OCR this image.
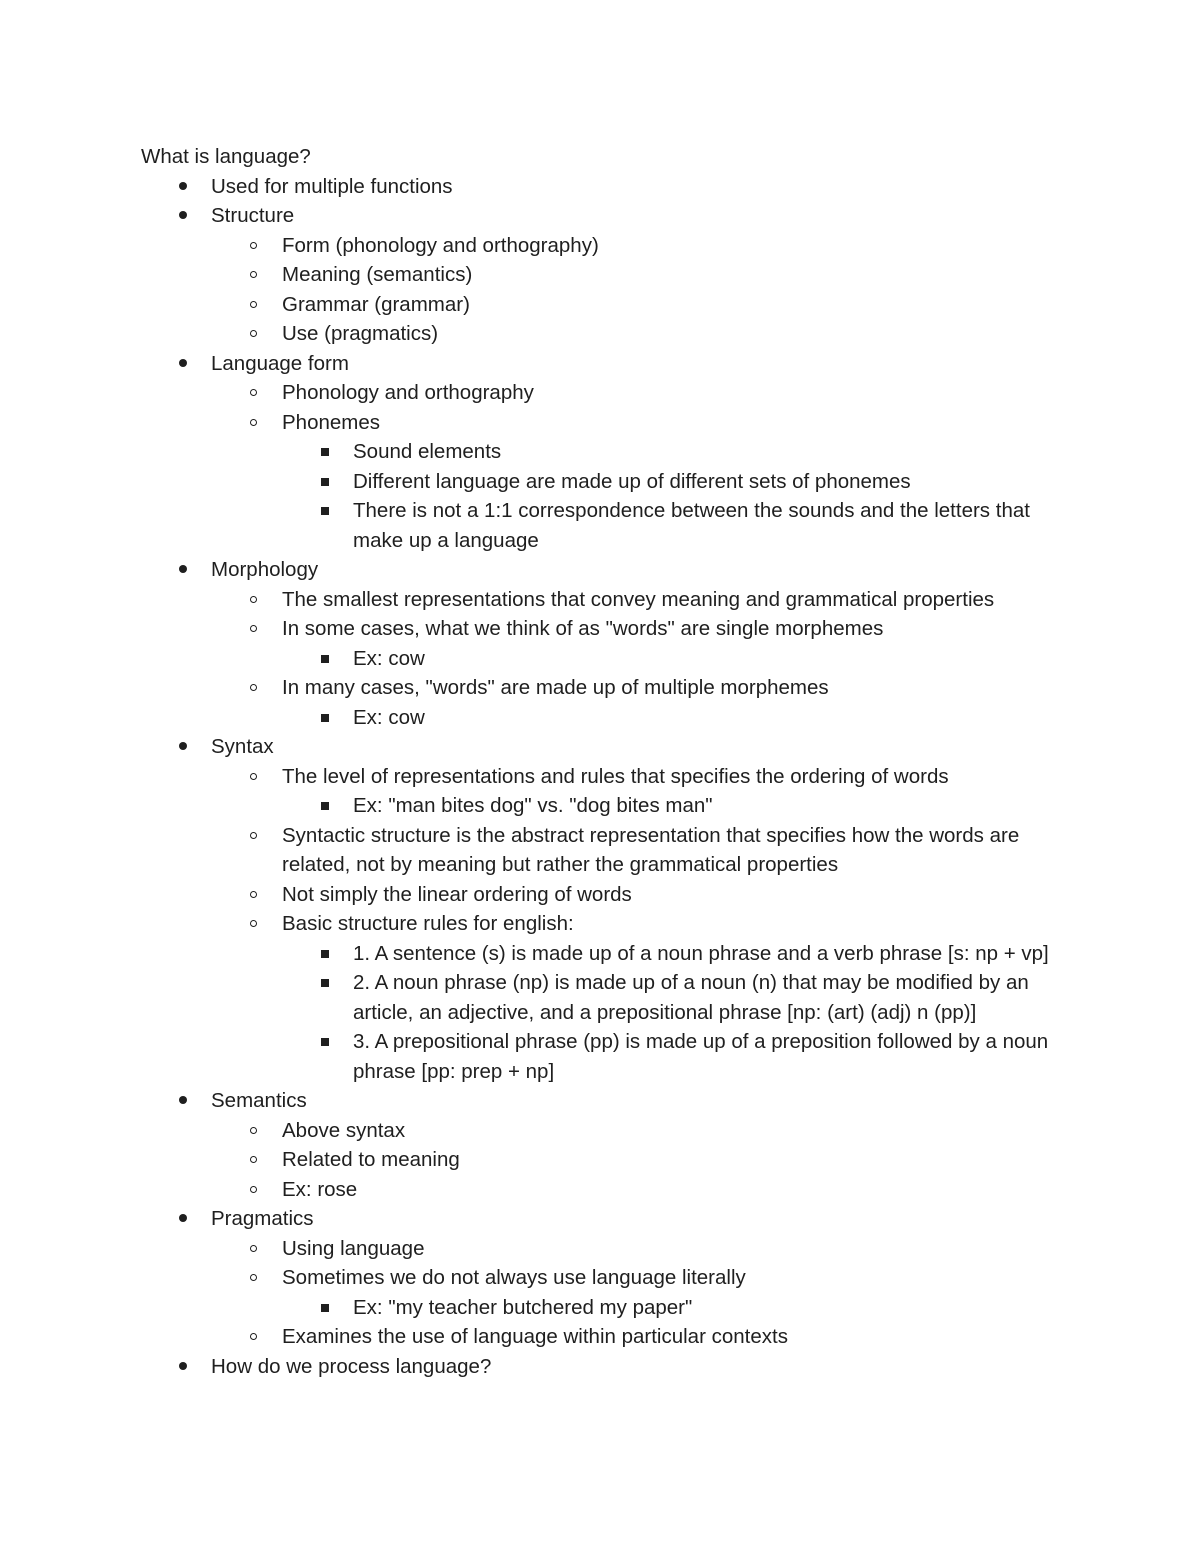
What is language?
Used for multiple functions
Structure
Form (phonology and orthography)
Meaning (semantics)
Grammar (grammar)
Use (pragmatics)
Language form
Phonology and orthography
Phonemes
Sound elements
Different language are made up of different sets of phonemes
There is not a 1:1 correspondence between the sounds and the letters that make up a language
Morphology
The smallest representations that convey meaning and grammatical properties
In some cases, what we think of as "words" are single morphemes
Ex: cow
In many cases, "words" are made up of multiple morphemes
Ex: cow
Syntax
The level of representations and rules that specifies the ordering of words
Ex: "man bites dog" vs. "dog bites man"
Syntactic structure is the abstract representation that specifies how the words are related, not by meaning but rather the grammatical properties
Not simply the linear ordering of words
Basic structure rules for english:
1. A sentence (s) is made up of a noun phrase and a verb phrase [s: np + vp]
2. A noun phrase (np) is made up of a noun (n) that may be modified by an article, an adjective, and a prepositional phrase [np: (art) (adj) n (pp)]
3. A prepositional phrase (pp) is made up of a preposition followed by a noun phrase [pp: prep + np]
Semantics
Above syntax
Related to meaning
Ex: rose
Pragmatics
Using language
Sometimes we do not always use language literally
Ex: "my teacher butchered my paper"
Examines the use of language within particular contexts
How do we process language?
